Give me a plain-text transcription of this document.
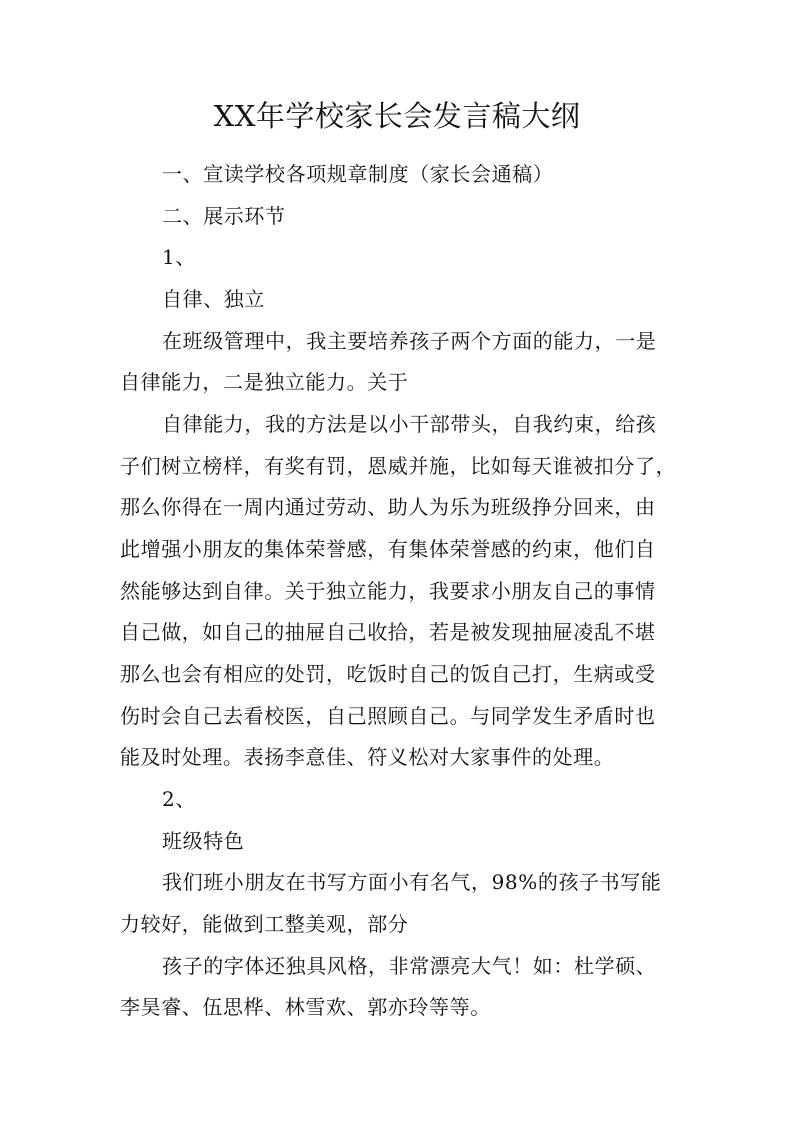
XX年学校家长会发言稿大纲
一、宣读学校各项规章制度（家长会通稿）
二、展示环节
1、
自律、独立
在班级管理中，我主要培养孩子两个方面的能力，一是
自律能力，二是独立能力。关于
自律能力，我的方法是以小干部带头，自我约束，给孩
子们树立榜样，有奖有罚，恩威并施，比如每天谁被扣分了，
那么你得在一周内通过劳动、助人为乐为班级挣分回来，由
此增强小朋友的集体荣誉感，有集体荣誉感的约束，他们自
然能够达到自律。关于独立能力，我要求小朋友自己的事情
自己做，如自己的抽屉自己收拾，若是被发现抽屉凌乱不堪
那么也会有相应的处罚，吃饭时自己的饭自己打，生病或受
伤时会自己去看校医，自己照顾自己。与同学发生矛盾时也
能及时处理。表扬李意佳、符义松对大家事件的处理。
2、
班级特色
我们班小朋友在书写方面小有名气，98%的孩子书写能
力较好，能做到工整美观，部分
孩子的字体还独具风格，非常漂亮大气！如：杜学硕、
李昊睿、伍思桦、林雪欢、郭亦玲等等。
